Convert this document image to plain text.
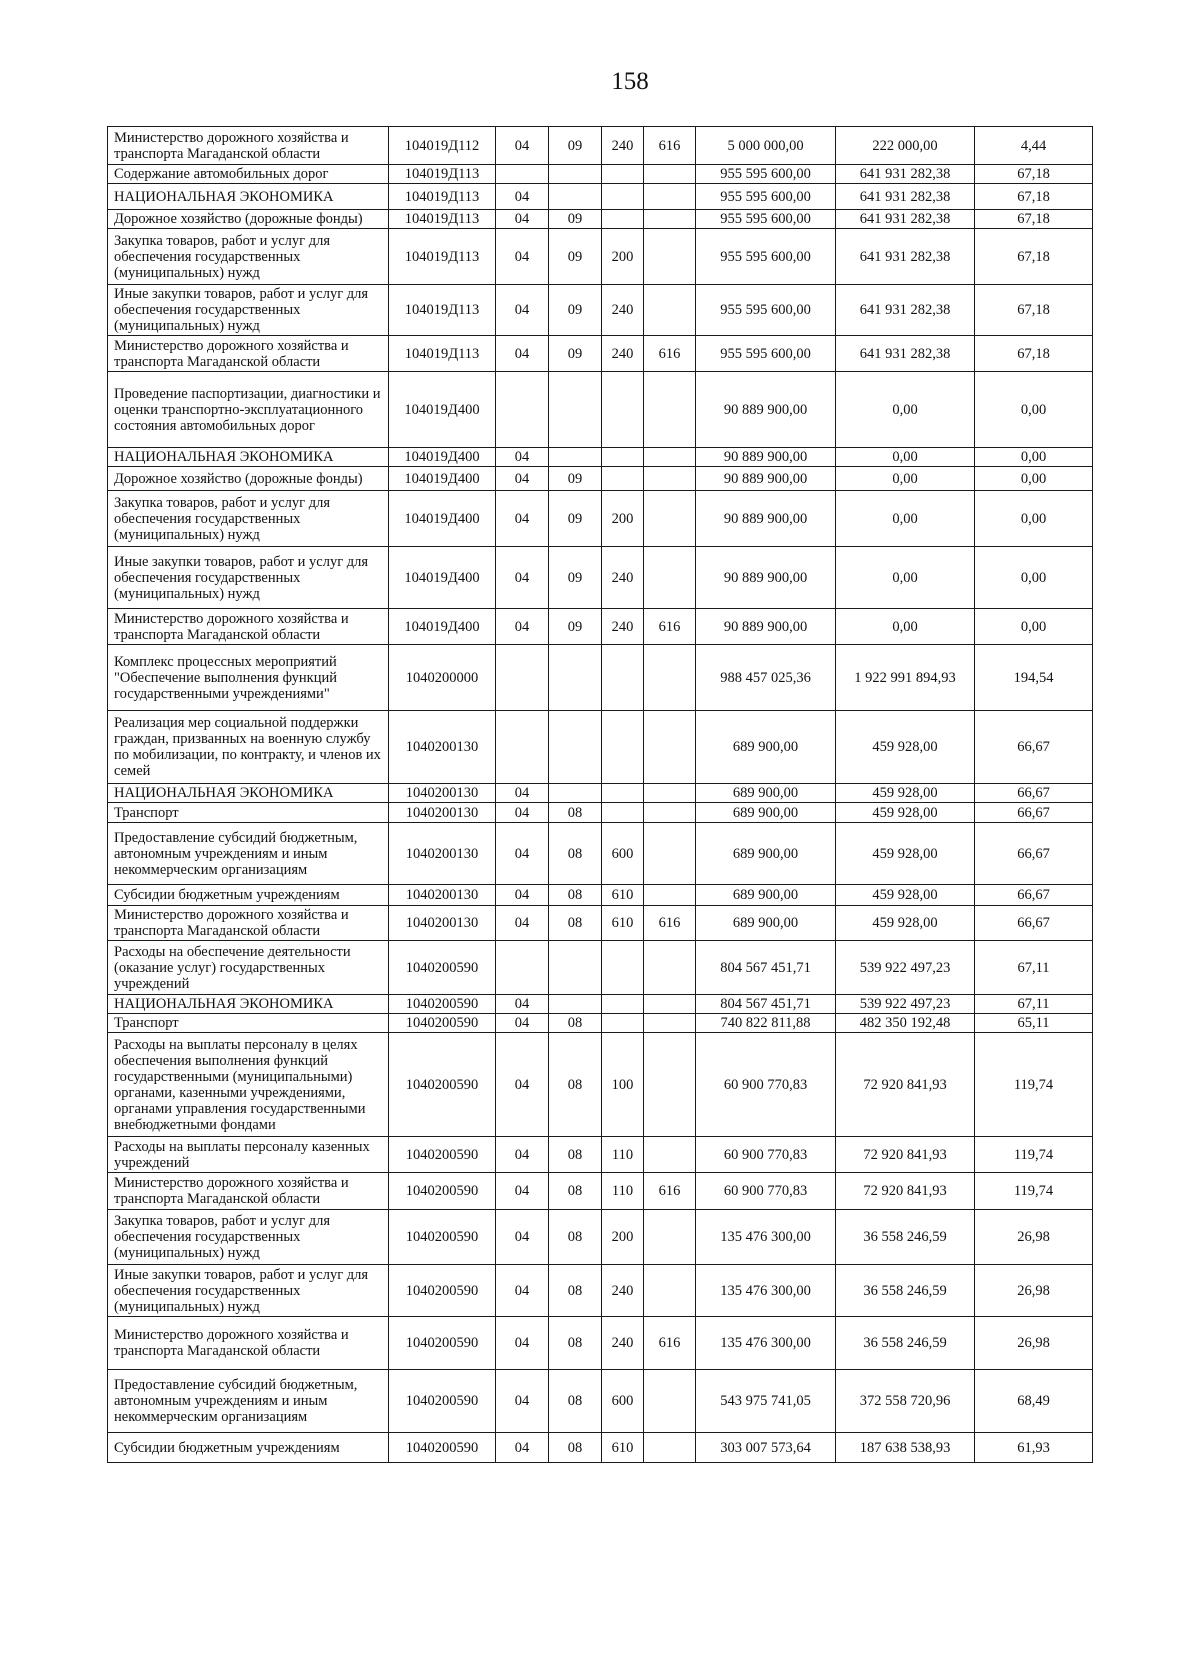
158
Министерство дорожного хозяйства и транспорта Магаданской области	104019Д112	04	09	240	616	5 000 000,00	222 000,00	4,44
Содержание автомобильных дорог	104019Д113					955 595 600,00	641 931 282,38	67,18
НАЦИОНАЛЬНАЯ ЭКОНОМИКА	104019Д113	04				955 595 600,00	641 931 282,38	67,18
Дорожное хозяйство (дорожные фонды)	104019Д113	04	09			955 595 600,00	641 931 282,38	67,18
Закупка товаров, работ и услуг для обеспечения государственных (муниципальных) нужд	104019Д113	04	09	200		955 595 600,00	641 931 282,38	67,18
Иные закупки товаров, работ и услуг для обеспечения государственных (муниципальных) нужд	104019Д113	04	09	240		955 595 600,00	641 931 282,38	67,18
Министерство дорожного хозяйства и транспорта Магаданской области	104019Д113	04	09	240	616	955 595 600,00	641 931 282,38	67,18
Проведение паспортизации, диагностики и оценки транспортно-эксплуатационного состояния автомобильных дорог	104019Д400					90 889 900,00	0,00	0,00
НАЦИОНАЛЬНАЯ ЭКОНОМИКА	104019Д400	04				90 889 900,00	0,00	0,00
Дорожное хозяйство (дорожные фонды)	104019Д400	04	09			90 889 900,00	0,00	0,00
Закупка товаров, работ и услуг для обеспечения государственных (муниципальных) нужд	104019Д400	04	09	200		90 889 900,00	0,00	0,00
Иные закупки товаров, работ и услуг для обеспечения государственных (муниципальных) нужд	104019Д400	04	09	240		90 889 900,00	0,00	0,00
Министерство дорожного хозяйства и транспорта Магаданской области	104019Д400	04	09	240	616	90 889 900,00	0,00	0,00
Комплекс процессных мероприятий "Обеспечение выполнения функций государственными учреждениями"	1040200000					988 457 025,36	1 922 991 894,93	194,54
Реализация мер социальной поддержки граждан, призванных на военную службу по мобилизации, по контракту, и членов их семей	1040200130					689 900,00	459 928,00	66,67
НАЦИОНАЛЬНАЯ ЭКОНОМИКА	1040200130	04				689 900,00	459 928,00	66,67
Транспорт	1040200130	04	08			689 900,00	459 928,00	66,67
Предоставление субсидий бюджетным, автономным учреждениям и иным некоммерческим организациям	1040200130	04	08	600		689 900,00	459 928,00	66,67
Субсидии бюджетным учреждениям	1040200130	04	08	610		689 900,00	459 928,00	66,67
Министерство дорожного хозяйства и транспорта Магаданской области	1040200130	04	08	610	616	689 900,00	459 928,00	66,67
Расходы на обеспечение деятельности (оказание услуг) государственных учреждений	1040200590					804 567 451,71	539 922 497,23	67,11
НАЦИОНАЛЬНАЯ ЭКОНОМИКА	1040200590	04				804 567 451,71	539 922 497,23	67,11
Транспорт	1040200590	04	08			740 822 811,88	482 350 192,48	65,11
Расходы на выплаты персоналу в целях обеспечения выполнения функций государственными (муниципальными) органами, казенными учреждениями, органами управления государственными внебюджетными фондами	1040200590	04	08	100		60 900 770,83	72 920 841,93	119,74
Расходы на выплаты персоналу казенных учреждений	1040200590	04	08	110		60 900 770,83	72 920 841,93	119,74
Министерство дорожного хозяйства и транспорта Магаданской области	1040200590	04	08	110	616	60 900 770,83	72 920 841,93	119,74
Закупка товаров, работ и услуг для обеспечения государственных (муниципальных) нужд	1040200590	04	08	200		135 476 300,00	36 558 246,59	26,98
Иные закупки товаров, работ и услуг для обеспечения государственных (муниципальных) нужд	1040200590	04	08	240		135 476 300,00	36 558 246,59	26,98
Министерство дорожного хозяйства и транспорта Магаданской области	1040200590	04	08	240	616	135 476 300,00	36 558 246,59	26,98
Предоставление субсидий бюджетным, автономным учреждениям и иным некоммерческим организациям	1040200590	04	08	600		543 975 741,05	372 558 720,96	68,49
Субсидии бюджетным учреждениям	1040200590	04	08	610		303 007 573,64	187 638 538,93	61,93
